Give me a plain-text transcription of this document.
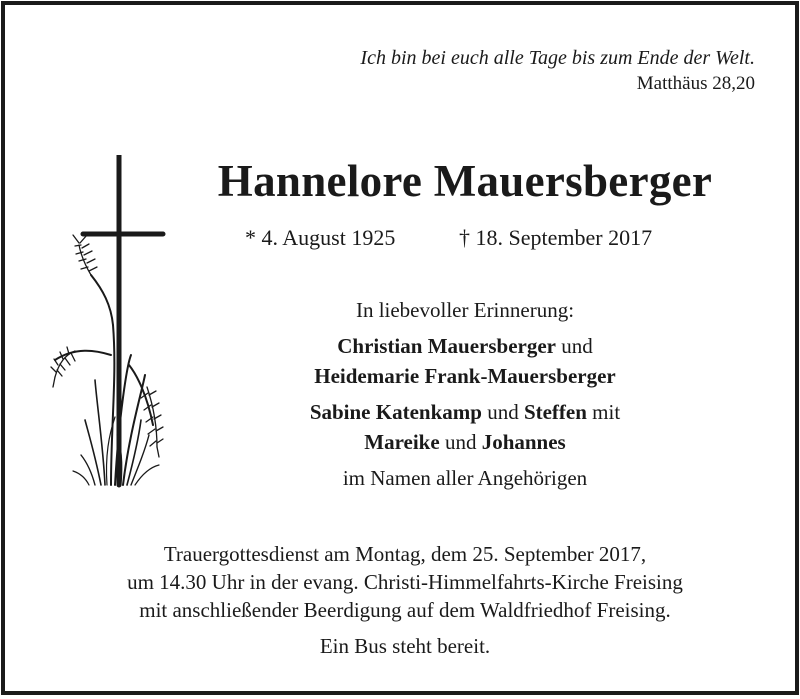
Ich bin bei euch alle Tage bis zum Ende der Welt.
Matthäus 28,20
Hannelore Mauersberger
* 4. August 1925	† 18. September 2017
In liebevoller Erinnerung:
Christian Mauersberger und
Heidemarie Frank-Mauersberger
Sabine Katenkamp und Steffen mit
Mareike und Johannes
im Namen aller Angehörigen
Trauergottesdienst am Montag, dem 25. September 2017,
um 14.30 Uhr in der evang. Christi-Himmelfahrts-Kirche Freising
mit anschließender Beerdigung auf dem Waldfriedhof Freising.
Ein Bus steht bereit.
